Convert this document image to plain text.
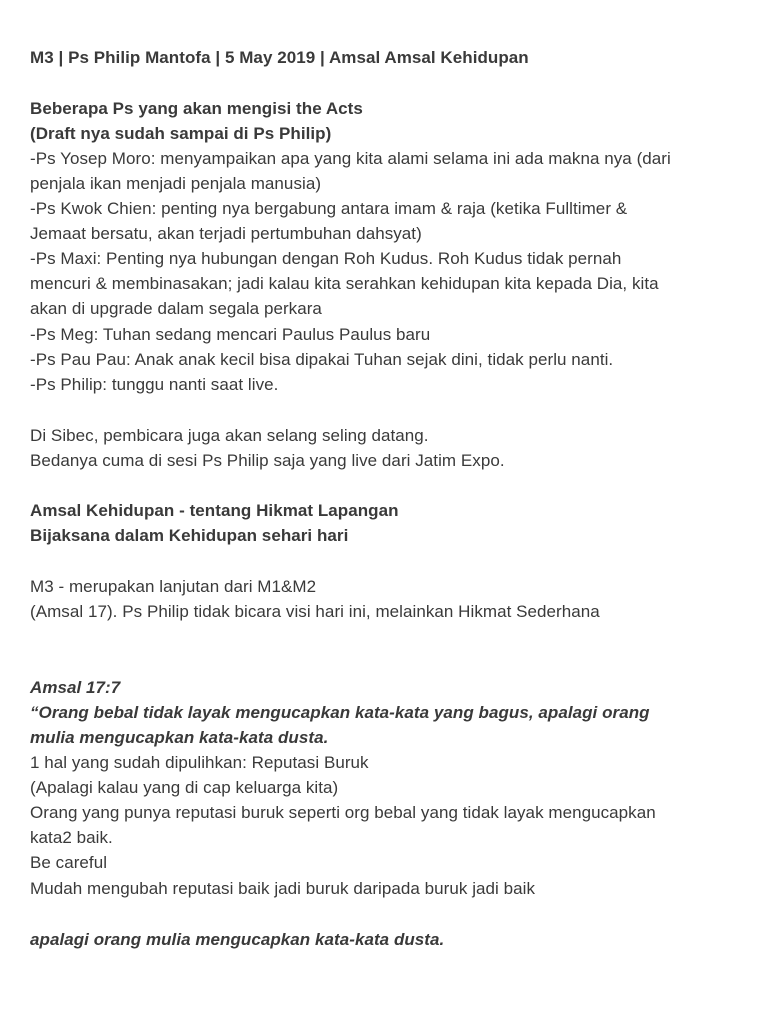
M3 | Ps Philip Mantofa | 5 May 2019 | Amsal Amsal Kehidupan
Beberapa Ps yang akan mengisi the Acts
(Draft nya sudah sampai di Ps Philip)
-Ps Yosep Moro: menyampaikan apa yang kita alami selama ini ada makna nya (dari
penjala ikan menjadi penjala manusia)
-Ps Kwok Chien: penting nya bergabung antara imam & raja (ketika Fulltimer &
Jemaat bersatu, akan terjadi pertumbuhan dahsyat)
-Ps Maxi: Penting nya hubungan dengan Roh Kudus. Roh Kudus tidak pernah
mencuri & membinasakan; jadi kalau kita serahkan kehidupan kita kepada Dia, kita
akan di upgrade dalam segala perkara
-Ps Meg: Tuhan sedang mencari Paulus Paulus baru
-Ps Pau Pau: Anak anak kecil bisa dipakai Tuhan sejak dini, tidak perlu nanti.
-Ps Philip: tunggu nanti saat live.
Di Sibec, pembicara juga akan selang seling datang.
Bedanya cuma di sesi Ps Philip saja yang live dari Jatim Expo.
Amsal Kehidupan - tentang Hikmat Lapangan
Bijaksana dalam Kehidupan sehari hari
M3 - merupakan lanjutan dari M1&M2
(Amsal 17). Ps Philip tidak bicara visi hari ini, melainkan Hikmat Sederhana
Amsal 17:7
“Orang bebal tidak layak mengucapkan kata-kata yang bagus, apalagi orang
mulia mengucapkan kata-kata dusta.
1 hal yang sudah dipulihkan: Reputasi Buruk
(Apalagi kalau yang di cap keluarga kita)
Orang yang punya reputasi buruk seperti org bebal yang tidak layak mengucapkan
kata2 baik.
Be careful
Mudah mengubah reputasi baik jadi buruk daripada buruk jadi baik
apalagi orang mulia mengucapkan kata-kata dusta.
